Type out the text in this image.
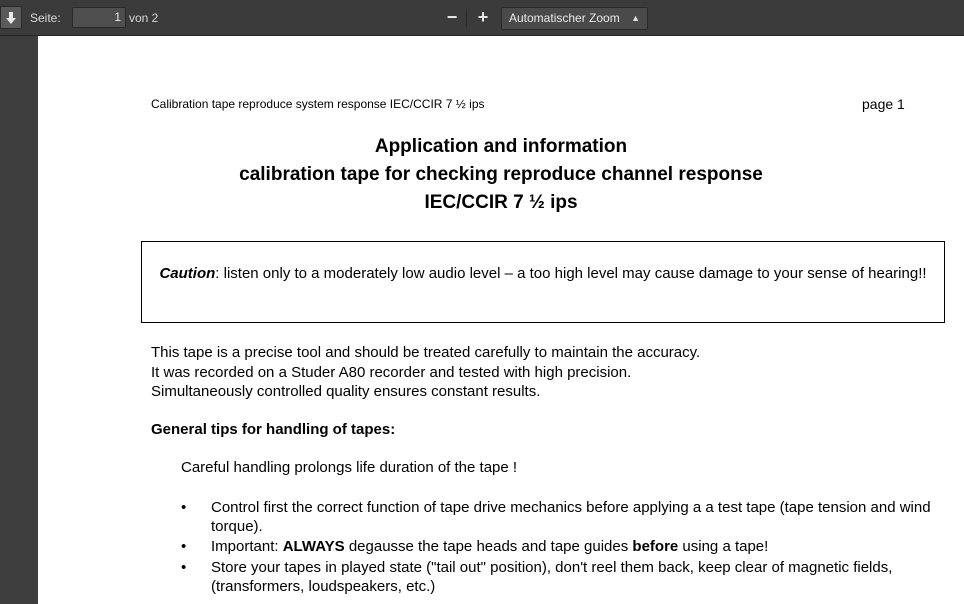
Seite:	1 von 2	−	+	Automatischer Zoom ▲

Calibration tape reproduce system response IEC/CCIR 7 ½ ips	page 1
Application and information
calibration tape for checking reproduce channel response
IEC/CCIR 7 ½ ips
Caution: listen only to a moderately low audio level – a too high level may cause damage to your sense of hearing!!
This tape is a precise tool and should be treated carefully to maintain the accuracy.
It was recorded on a Studer A80 recorder and tested with high precision.
Simultaneously controlled quality ensures constant results.
General tips for handling of tapes:
Careful handling prolongs life duration of the tape !
• Control first the correct function of tape drive mechanics before applying a a test tape (tape tension and wind torque).
• Important: ALWAYS degausse the tape heads and tape guides before using a tape!
• Store your tapes in played state ("tail out" position), don't reel them back, keep clear of magnetic fields, (transformers, loudspeakers, etc.)
